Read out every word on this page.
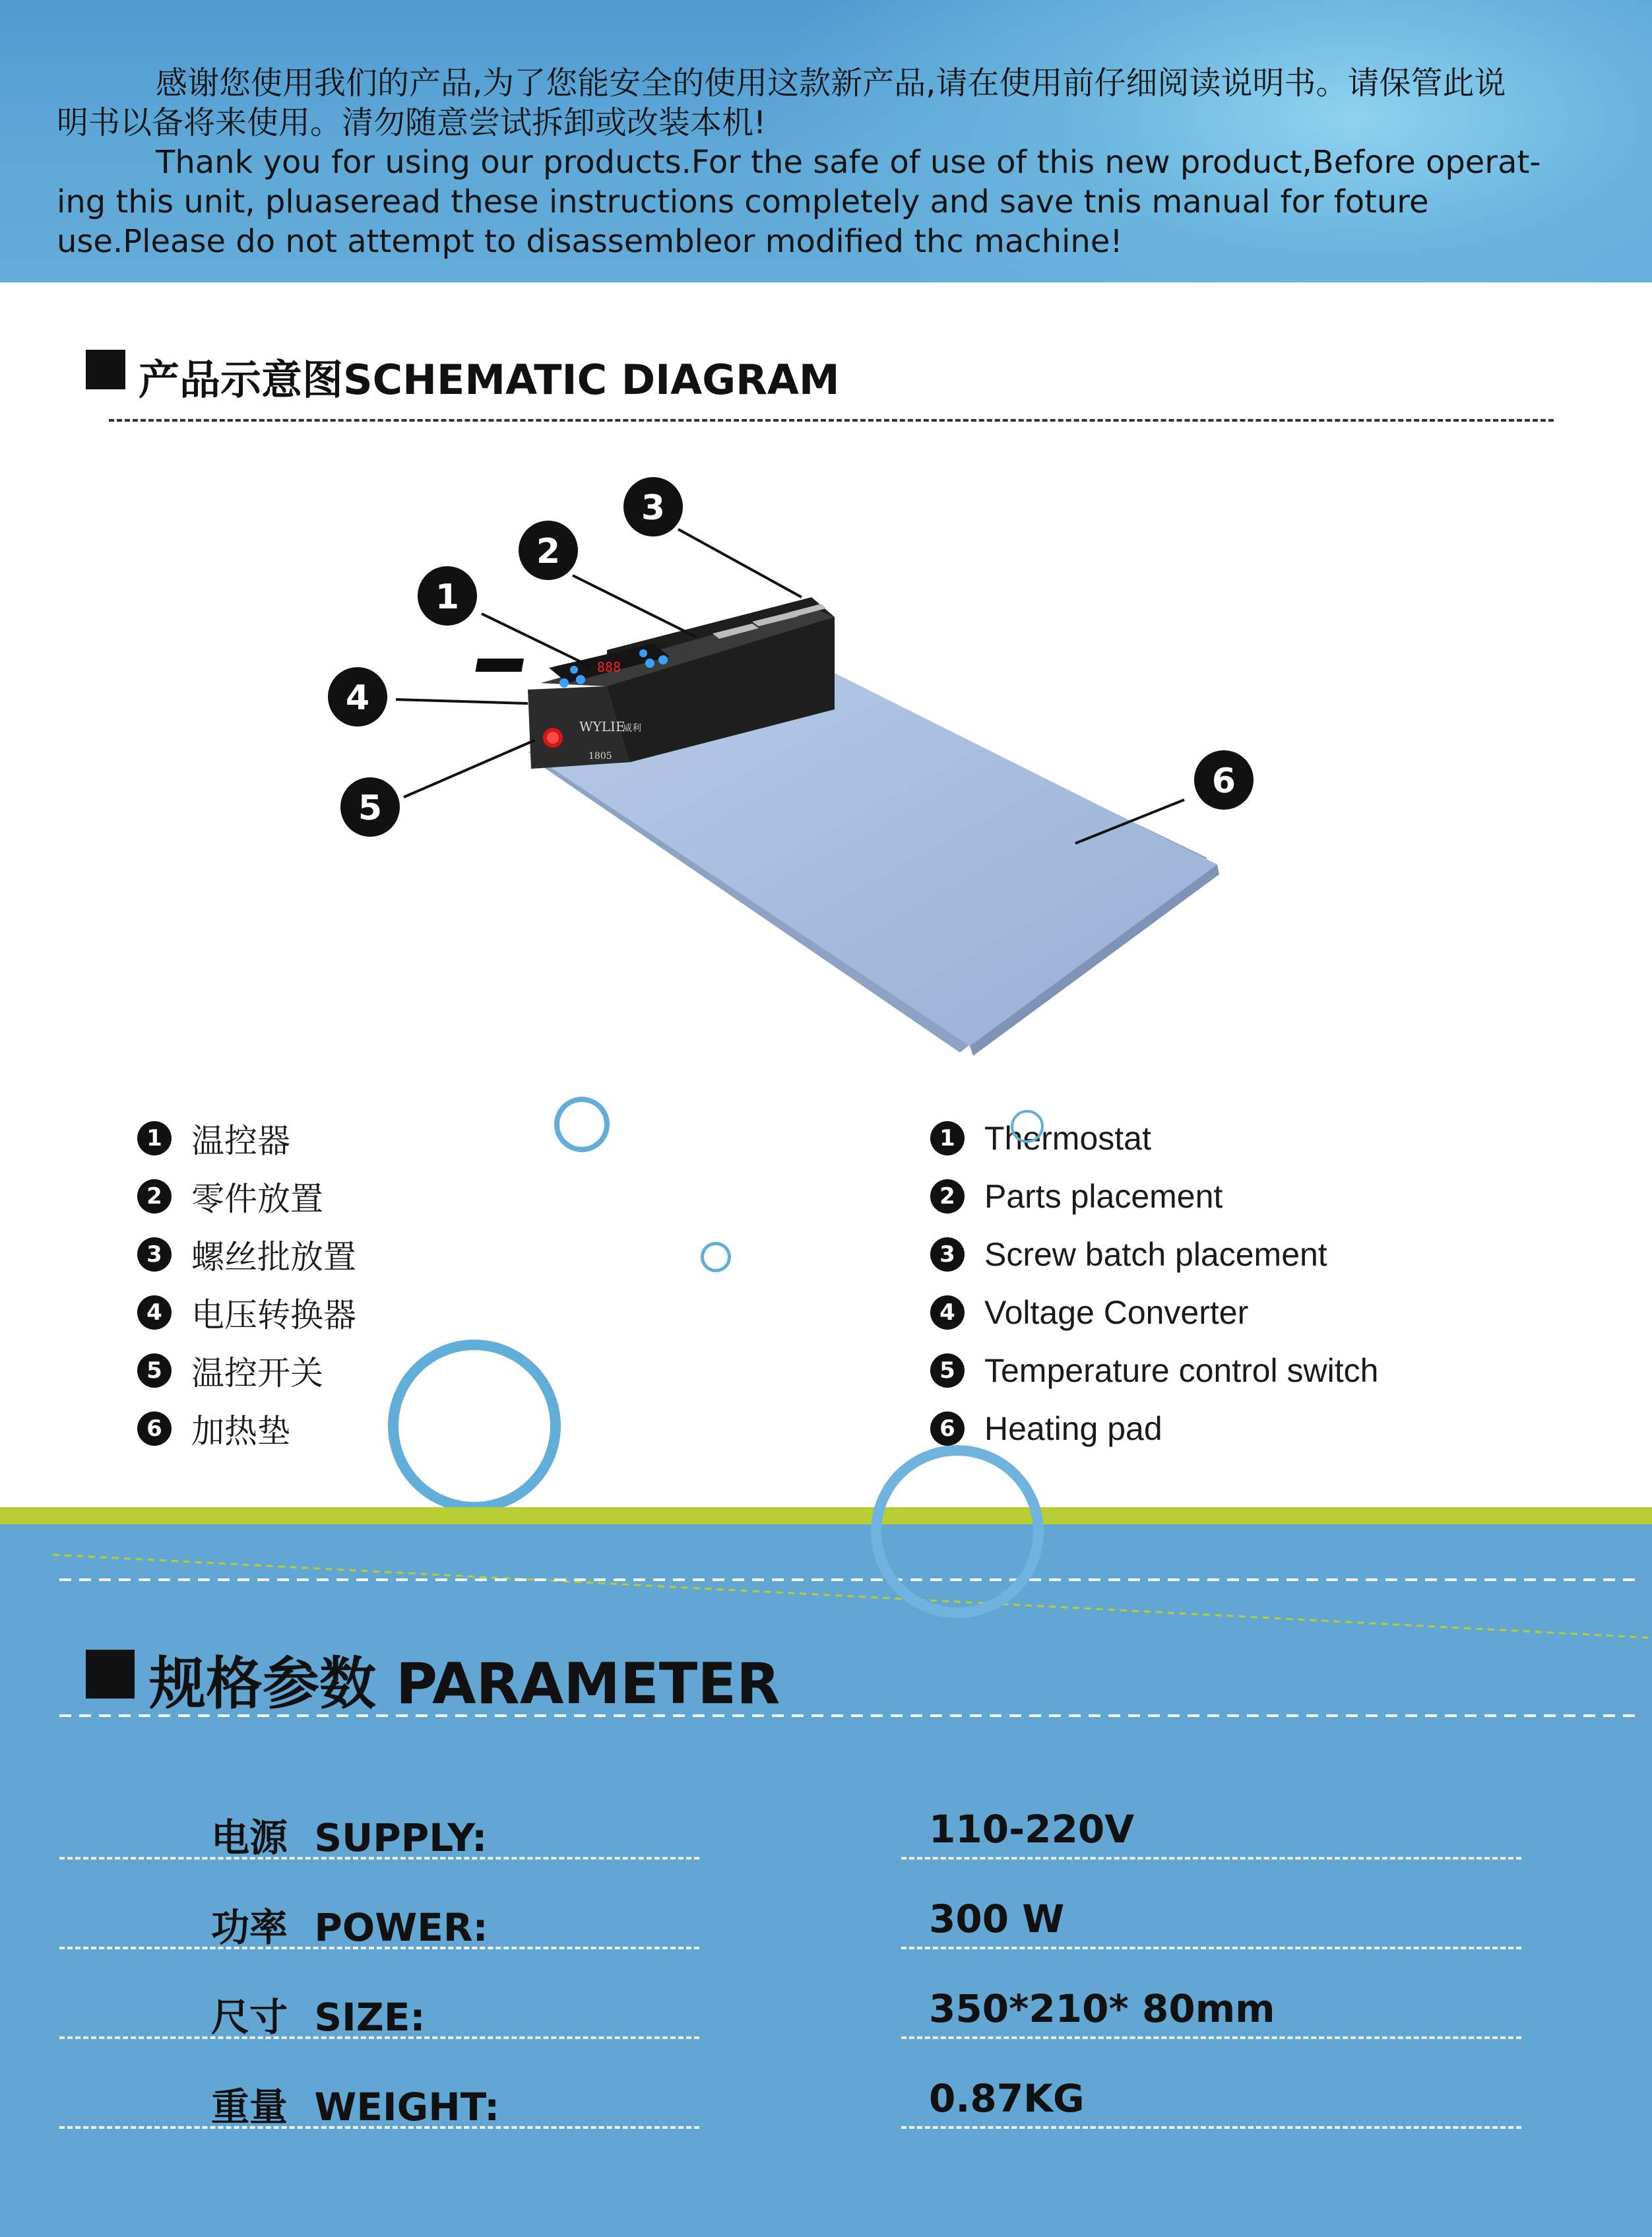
感谢您使用我们的产品,为了您能安全的使用这款新产品,请在使用前仔细阅读说明书。请保管此说

明书以备将来使用。清勿随意尝试拆卸或改装本机!

Thank you for using our products.For the safe of use of this new product,Before operat-

ing this unit, pluaseread these instructions completely and save tnis manual for foture

use.Please do not attempt to disassembleor modified thc machine!

产品示意图SCHEMATIC DIAGRAM
888
WYLIE
威利
1805
1
2
3
4
5
6
1 温控器
2 零件放置
3 螺丝批放置
4 电压转换器
5 温控开关
6 加热垫
1 Thermostat
2 Parts placement
3 Screw batch placement
4 Voltage Converter
5 Temperature control switch
6 Heating pad
规格参数 PARAMETER
电源 SUPPLY:	110-220V
功率 POWER:	300 W
尺寸 SIZE:	350*210* 80mm
重量 WEIGHT:	0.87KG
